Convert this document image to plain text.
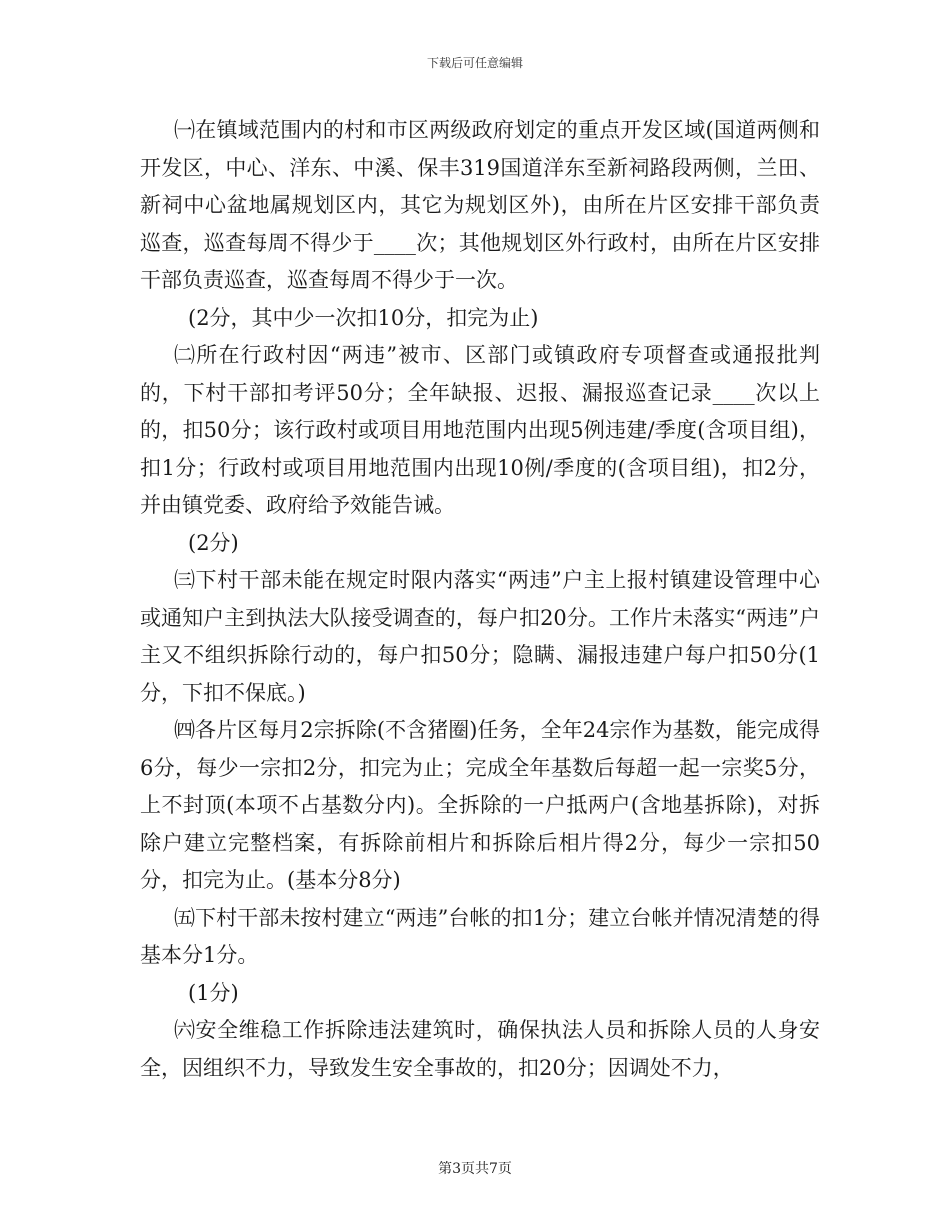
下载后可任意编辑

㈠在镇域范围内的村和市区两级政府划定的重点开发区域(国道两侧和开发区，中心、洋东、中溪、保丰319国道洋东至新祠路段两侧，兰田、新祠中心盆地属规划区内，其它为规划区外)，由所在片区安排干部负责巡查，巡查每周不得少于____次；其他规划区外行政村，由所在片区安排干部负责巡查，巡查每周不得少于一次。

(2分，其中少一次扣10分，扣完为止)

㈡所在行政村因“两违”被市、区部门或镇政府专项督查或通报批判的，下村干部扣考评50分；全年缺报、迟报、漏报巡查记录____次以上的，扣50分；该行政村或项目用地范围内出现5例违建/季度(含项目组)，扣1分；行政村或项目用地范围内出现10例/季度的(含项目组)，扣2分，并由镇党委、政府给予效能告诫。

(2分)

㈢下村干部未能在规定时限内落实“两违”户主上报村镇建设管理中心或通知户主到执法大队接受调查的，每户扣20分。工作片未落实“两违”户主又不组织拆除行动的，每户扣50分；隐瞒、漏报违建户每户扣50分(1分，下扣不保底。)

㈣各片区每月2宗拆除(不含猪圈)任务，全年24宗作为基数，能完成得6分，每少一宗扣2分，扣完为止；完成全年基数后每超一起一宗奖5分，上不封顶(本项不占基数分内)。全拆除的一户抵两户(含地基拆除)，对拆除户建立完整档案，有拆除前相片和拆除后相片得2分，每少一宗扣50分，扣完为止。(基本分8分)

㈤下村干部未按村建立“两违”台帐的扣1分；建立台帐并情况清楚的得基本分1分。

(1分)

㈥安全维稳工作拆除违法建筑时，确保执法人员和拆除人员的人身安全，因组织不力，导致发生安全事故的，扣20分；因调处不力，

第3页共7页
